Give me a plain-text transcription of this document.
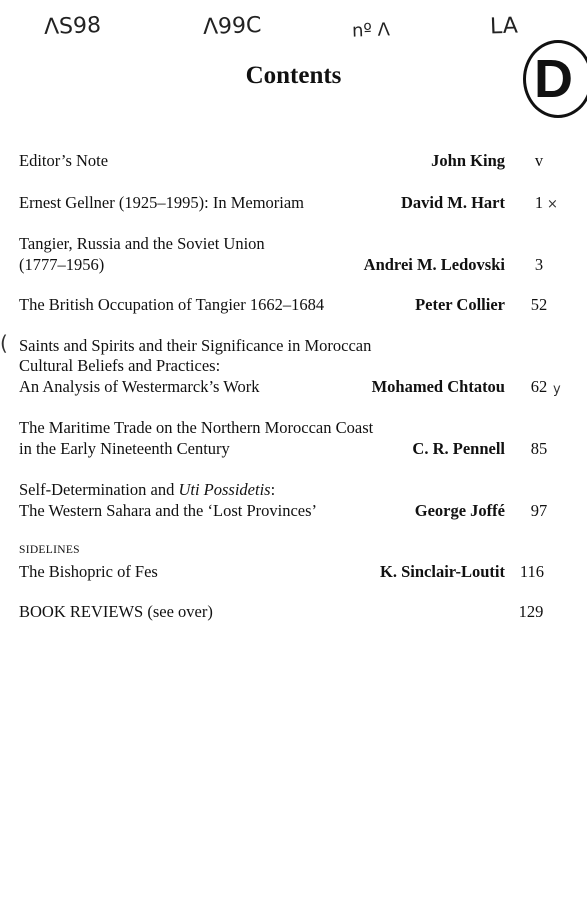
ᐱS98	ᐱ99C	nº ᐱ	LA
D
Contents
Editor’s Note	John King	v
Ernest Gellner (1925–1995): In Memoriam	David M. Hart	1 ×
Tangier, Russia and the Soviet Union
(1777–1956)	Andrei M. Ledovski	3
The British Occupation of Tangier 1662–1684	Peter Collier	52
( Saints and Spirits and their Significance in Moroccan
Cultural Beliefs and Practices:
An Analysis of Westermarck’s Work	Mohamed Chtatou	62 y
The Maritime Trade on the Northern Moroccan Coast
in the Early Nineteenth Century	C. R. Pennell	85
Self-Determination and Uti Possidetis:
The Western Sahara and the ‘Lost Provinces’	George Joffé	97
SIDELINES
The Bishopric of Fes	K. Sinclair-Loutit 116
BOOK REVIEWS (see over)	129
